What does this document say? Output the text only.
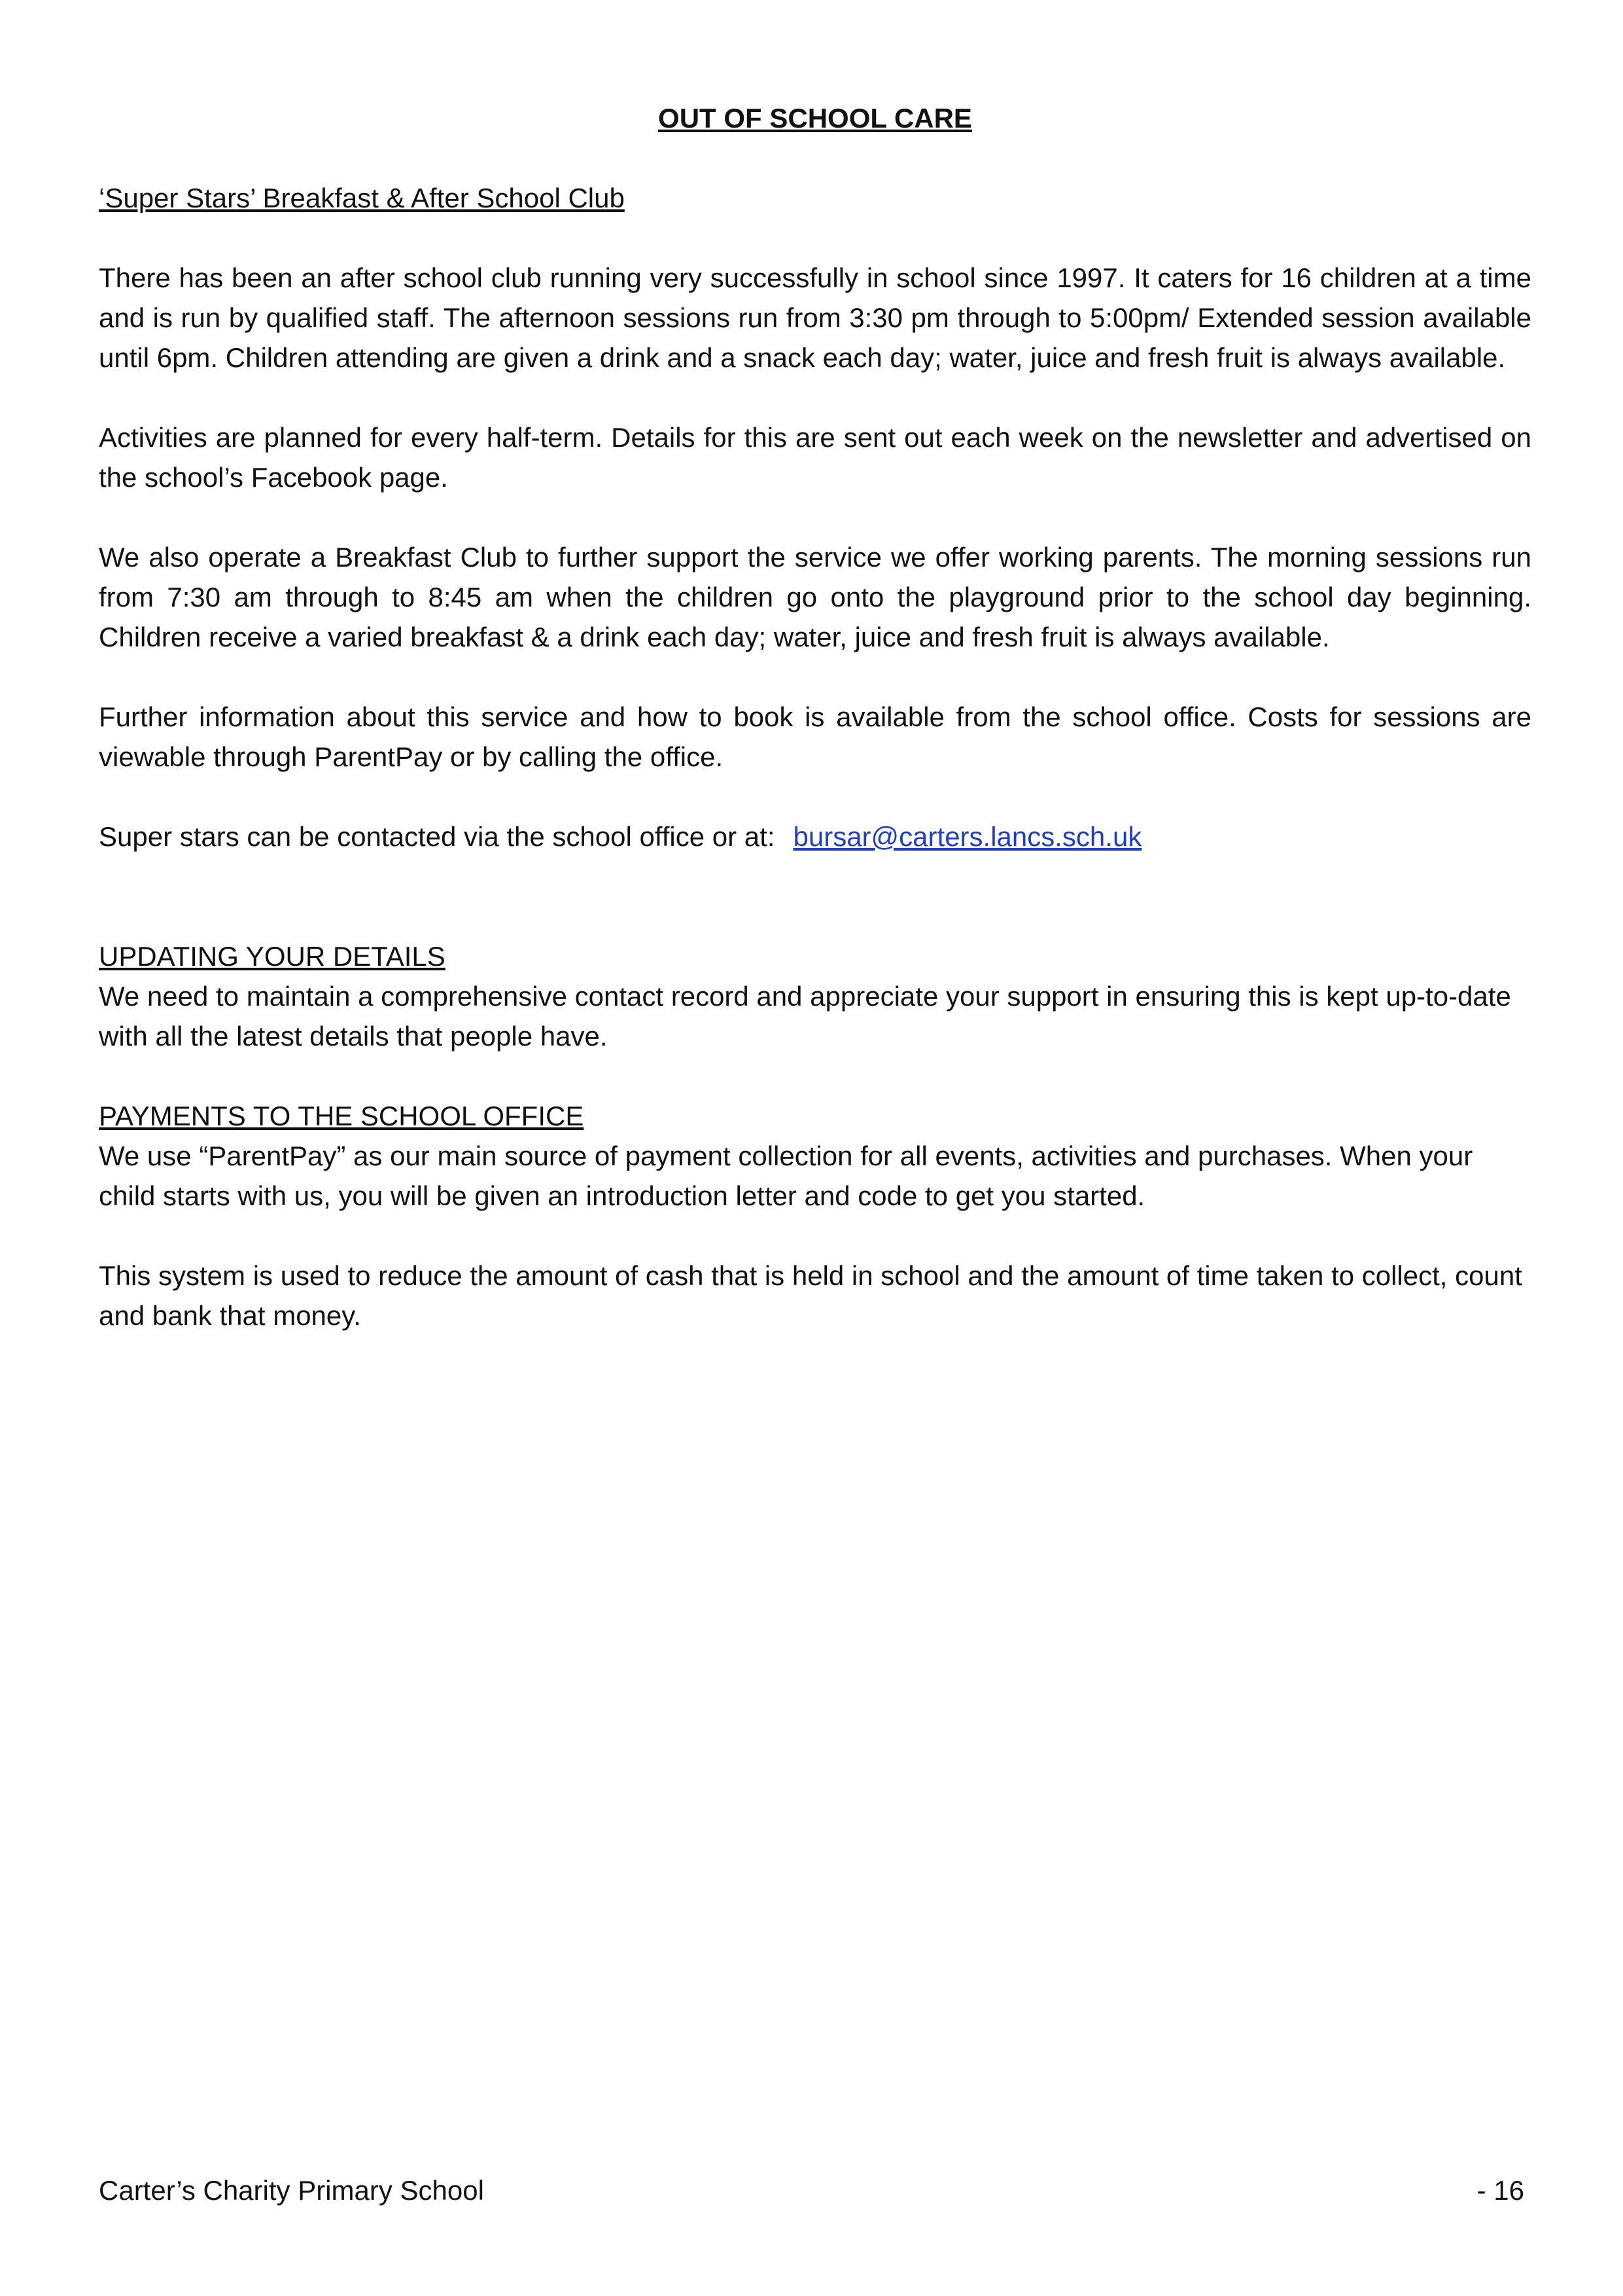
OUT OF SCHOOL CARE
‘Super Stars’ Breakfast & After School Club

There has been an after school club running very successfully in school since 1997. It caters for 16 children at a time and is run by qualified staff. The afternoon sessions run from 3:30 pm through to 5:00pm/ Extended session available until 6pm. Children attending are given a drink and a snack each day; water, juice and fresh fruit is always available.

Activities are planned for every half-term. Details for this are sent out each week on the newsletter and advertised on the school’s Facebook page.

We also operate a Breakfast Club to further support the service we offer working parents. The morning sessions run from 7:30 am through to 8:45 am when the children go onto the playground prior to the school day beginning. Children receive a varied breakfast & a drink each day; water, juice and fresh fruit is always available.

Further information about this service and how to book is available from the school office. Costs for sessions are viewable through ParentPay or by calling the office.

Super stars can be contacted via the school office or at: bursar@carters.lancs.sch.uk
UPDATING YOUR DETAILS

We need to maintain a comprehensive contact record and appreciate your support in ensuring this is kept up-to-date with all the latest details that people have.

PAYMENTS TO THE SCHOOL OFFICE

We use “ParentPay” as our main source of payment collection for all events, activities and purchases. When your child starts with us, you will be given an introduction letter and code to get you started.

This system is used to reduce the amount of cash that is held in school and the amount of time taken to collect, count and bank that money.

Carter’s Charity Primary School	- 16
